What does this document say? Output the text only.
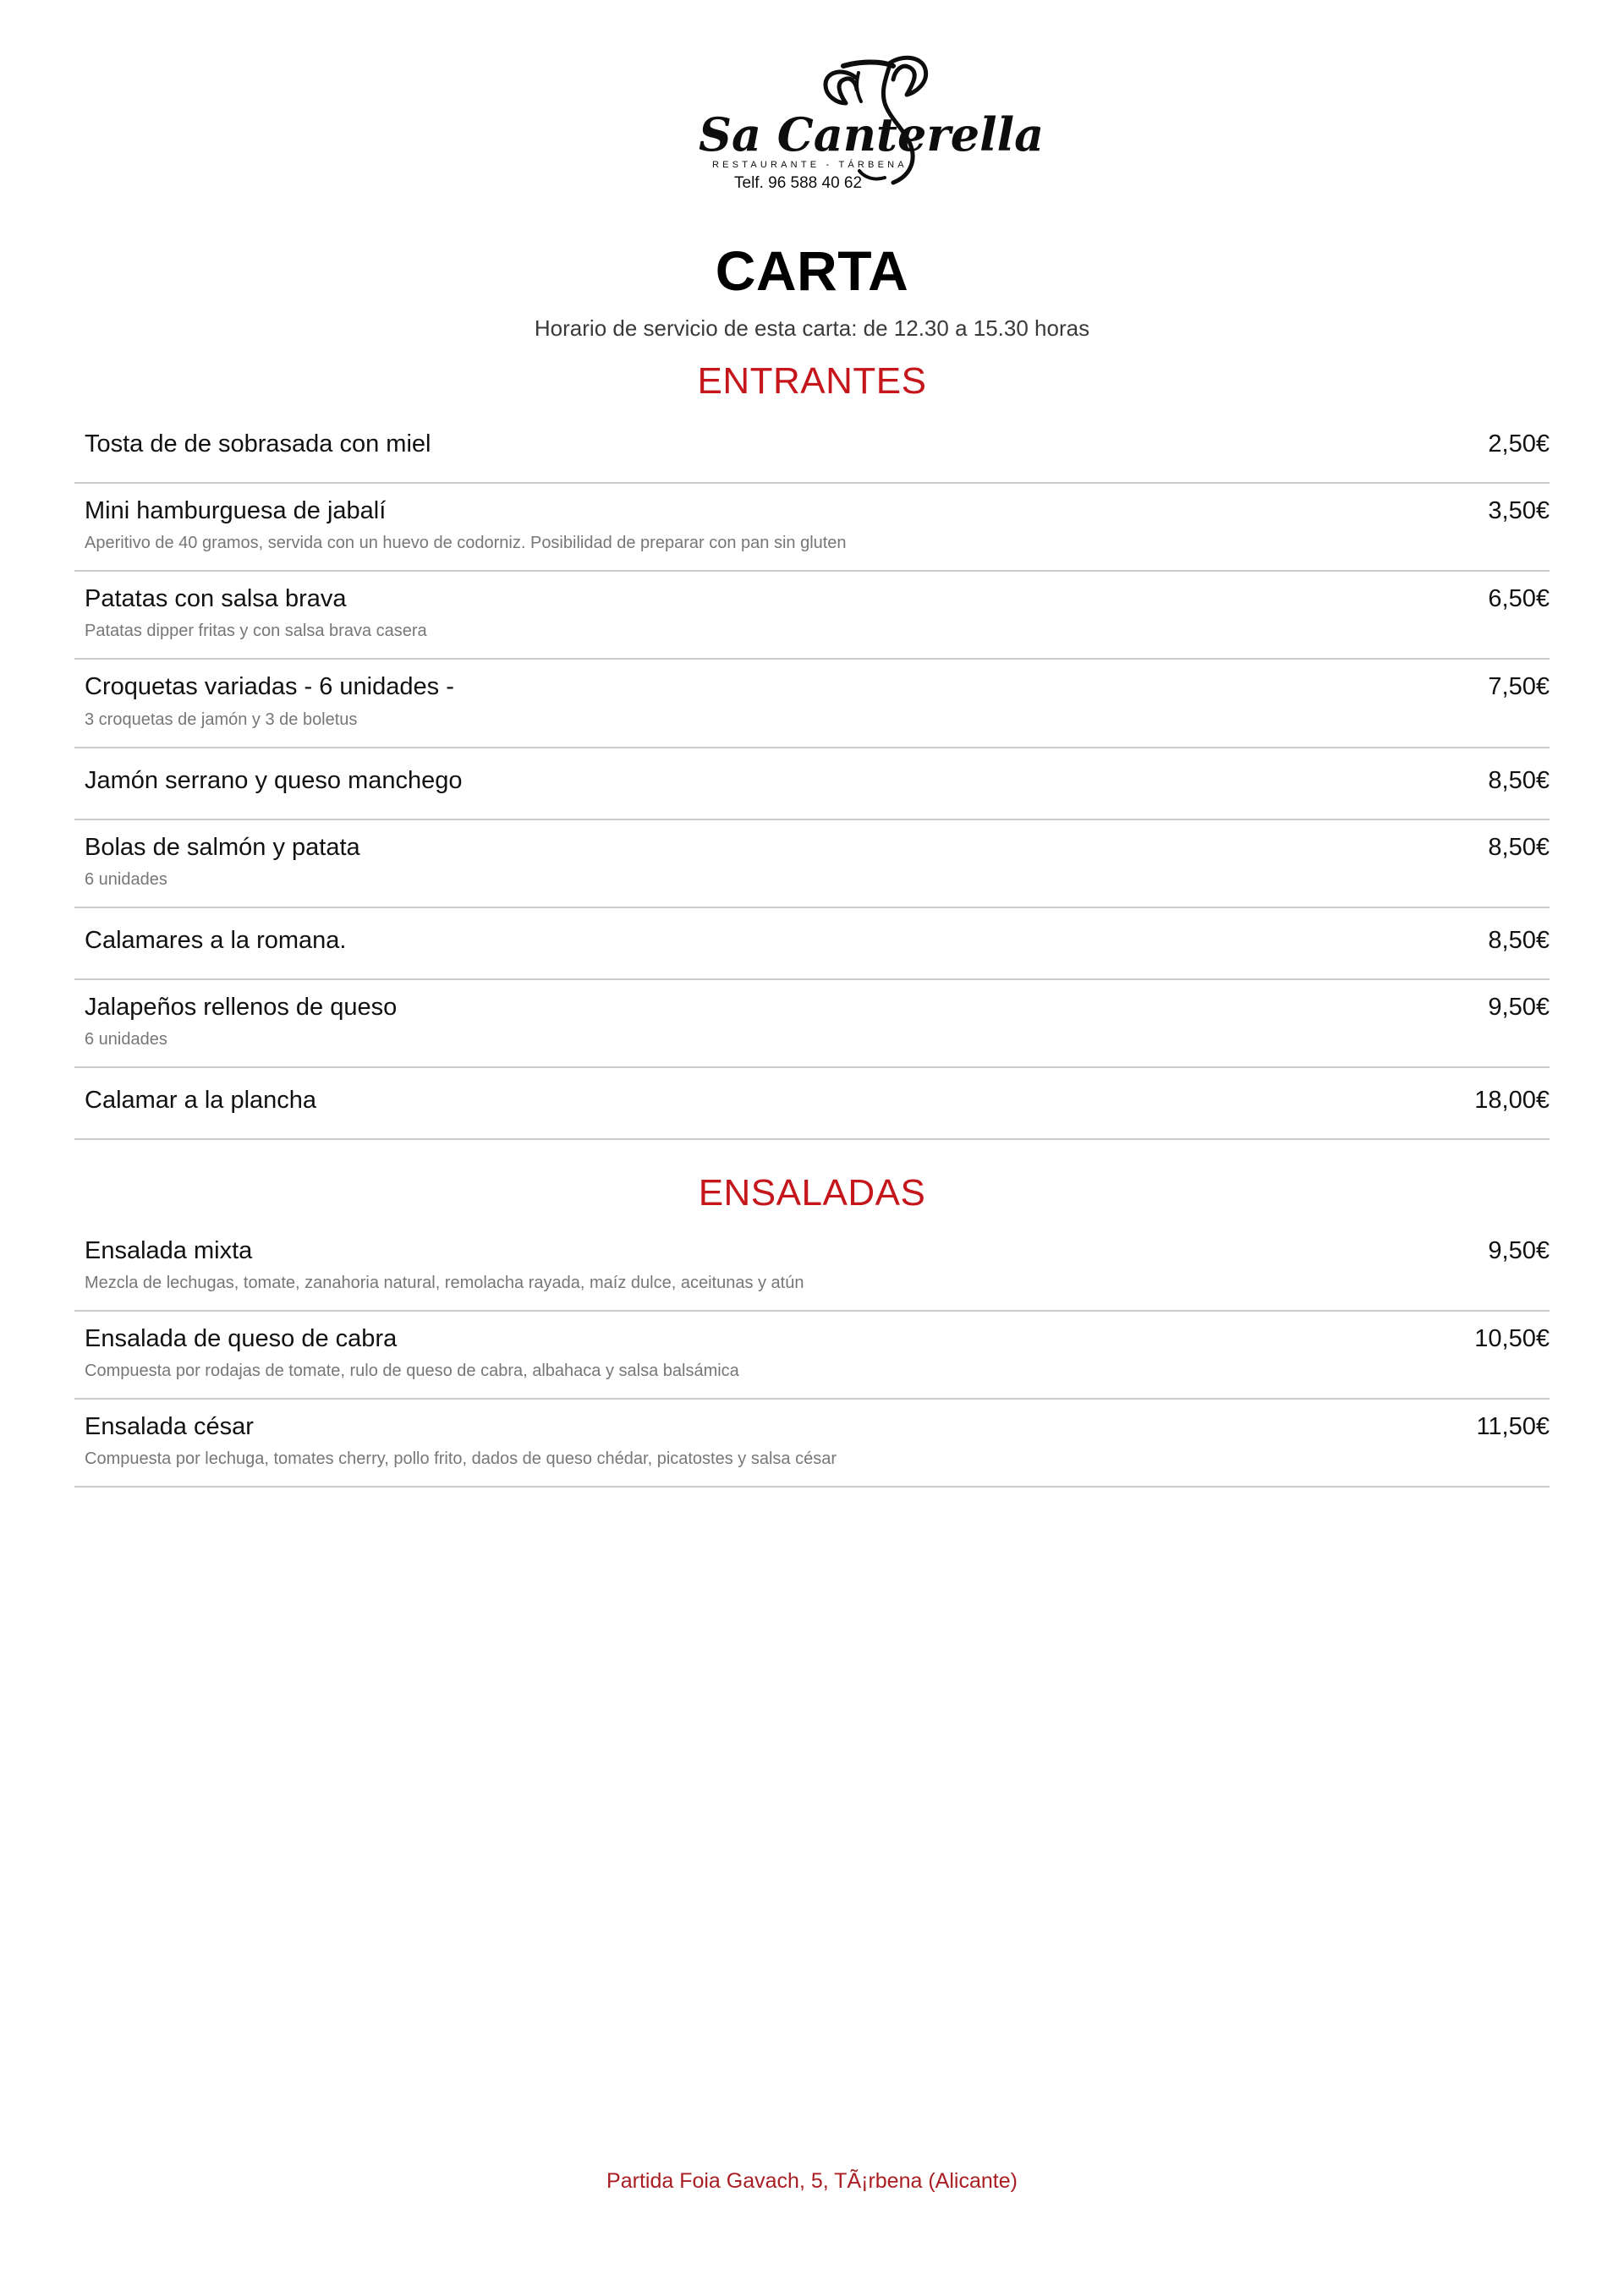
Sa Canterella
RESTAURANTE - TÁRBENA
Telf. 96 588 40 62
CARTA

Horario de servicio de esta carta: de 12.30 a 15.30 horas

ENTRANTES
Tosta de de sobrasada con miel	2,50€
Mini hamburguesa de jabalí	3,50€
Aperitivo de 40 gramos, servida con un huevo de codorniz. Posibilidad de preparar con pan sin gluten
Patatas con salsa brava	6,50€
Patatas dipper fritas y con salsa brava casera
Croquetas variadas - 6 unidades -	7,50€
3 croquetas de jamón y 3 de boletus
Jamón serrano y queso manchego	8,50€
Bolas de salmón y patata	8,50€
6 unidades
Calamares a la romana.	8,50€
Jalapeños rellenos de queso	9,50€
6 unidades
Calamar a la plancha	18,00€
ENSALADAS
Ensalada mixta	9,50€
Mezcla de lechugas, tomate, zanahoria natural, remolacha rayada, maíz dulce, aceitunas y atún
Ensalada de queso de cabra	10,50€
Compuesta por rodajas de tomate, rulo de queso de cabra, albahaca y salsa balsámica
Ensalada césar	11,50€
Compuesta por lechuga, tomates cherry, pollo frito, dados de queso chédar, picatostes y salsa césar
Partida Foia Gavach, 5, TÃ¡rbena (Alicante)
